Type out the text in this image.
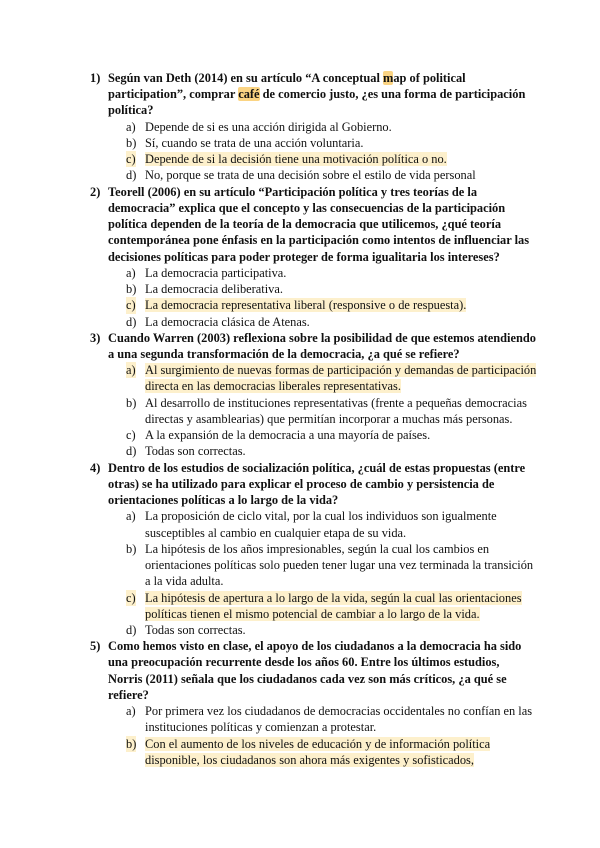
1) Según van Deth (2014) en su artículo “A conceptual map of political
participation”, comprar café de comercio justo, ¿es una forma de participación
política?
a) Depende de si es una acción dirigida al Gobierno.
b) Sí, cuando se trata de una acción voluntaria.
c) Depende de si la decisión tiene una motivación política o no.
d) No, porque se trata de una decisión sobre el estilo de vida personal
2) Teorell (2006) en su artículo “Participación política y tres teorías de la
democracia” explica que el concepto y las consecuencias de la participación
política dependen de la teoría de la democracia que utilicemos, ¿qué teoría
contemporánea pone énfasis en la participación como intentos de influenciar las
decisiones políticas para poder proteger de forma igualitaria los intereses?
a) La democracia participativa.
b) La democracia deliberativa.
c) La democracia representativa liberal (responsive o de respuesta).
d) La democracia clásica de Atenas.
3) Cuando Warren (2003) reflexiona sobre la posibilidad de que estemos atendiendo
a una segunda transformación de la democracia, ¿a qué se refiere?
a) Al surgimiento de nuevas formas de participación y demandas de participación
directa en las democracias liberales representativas.
b) Al desarrollo de instituciones representativas (frente a pequeñas democracias
directas y asamblearias) que permitían incorporar a muchas más personas.
c) A la expansión de la democracia a una mayoría de países.
d) Todas son correctas.
4) Dentro de los estudios de socialización política, ¿cuál de estas propuestas (entre
otras) se ha utilizado para explicar el proceso de cambio y persistencia de
orientaciones políticas a lo largo de la vida?
a) La proposición de ciclo vital, por la cual los individuos son igualmente
susceptibles al cambio en cualquier etapa de su vida.
b) La hipótesis de los años impresionables, según la cual los cambios en
orientaciones políticas solo pueden tener lugar una vez terminada la transición
a la vida adulta.
c) La hipótesis de apertura a lo largo de la vida, según la cual las orientaciones
políticas tienen el mismo potencial de cambiar a lo largo de la vida.
d) Todas son correctas.
5) Como hemos visto en clase, el apoyo de los ciudadanos a la democracia ha sido
una preocupación recurrente desde los años 60. Entre los últimos estudios,
Norris (2011) señala que los ciudadanos cada vez son más críticos, ¿a qué se
refiere?
a) Por primera vez los ciudadanos de democracias occidentales no confían en las
instituciones políticas y comienzan a protestar.
b) Con el aumento de los niveles de educación y de información política
disponible, los ciudadanos son ahora más exigentes y sofisticados,
